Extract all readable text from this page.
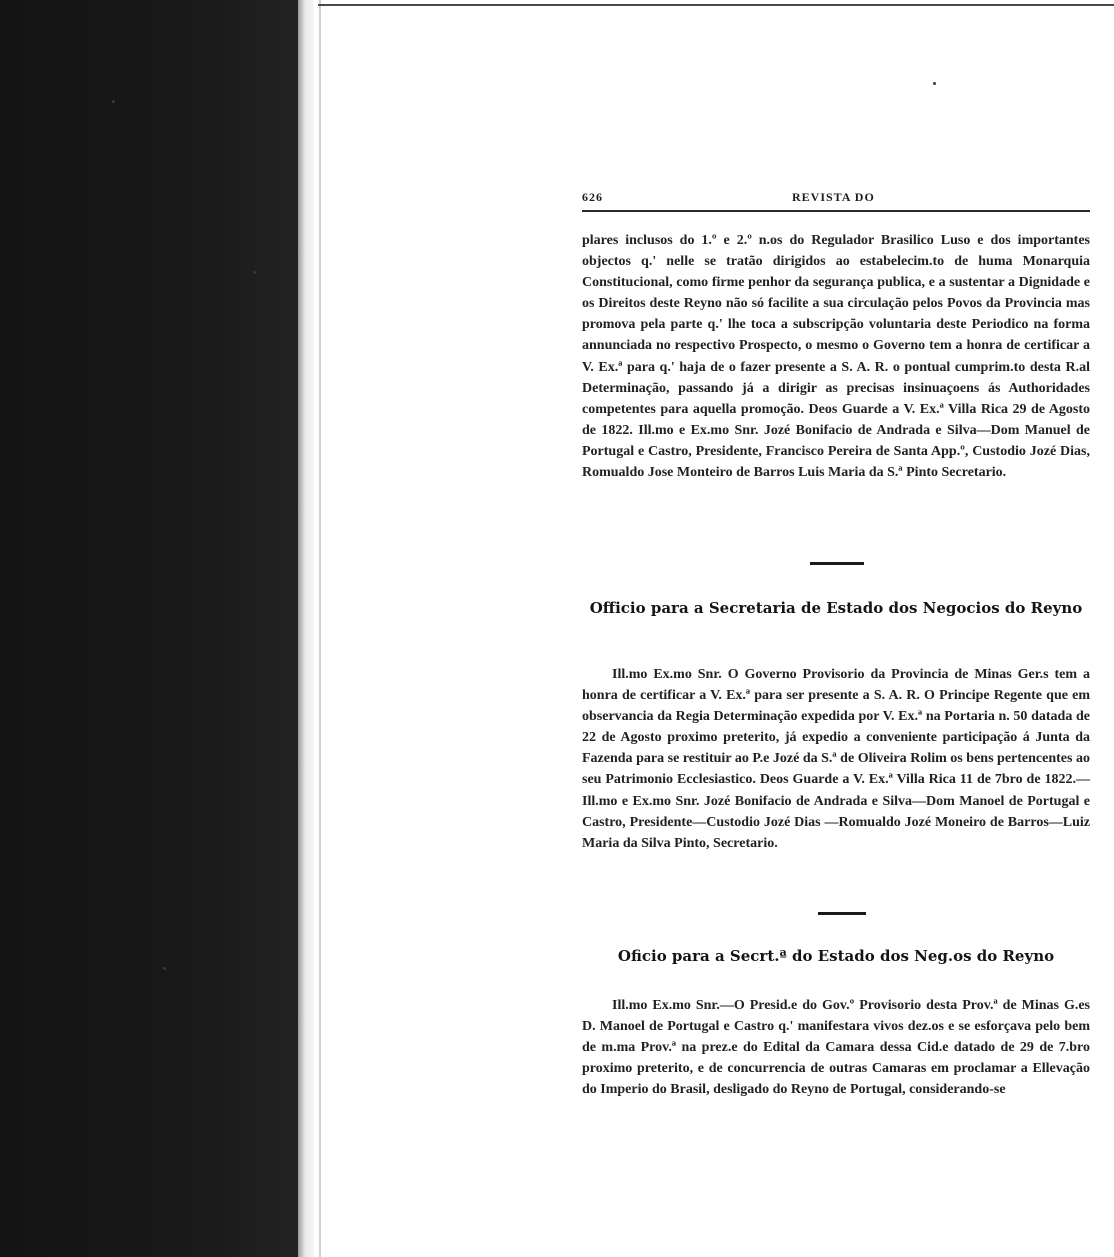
626	REVISTA DO

plares inclusos do 1.º e 2.º n.os do Regulador Brasilico Luso e dos importantes objectos q.' nelle se tratão dirigidos ao estabelecim.to de huma Monarquia Constitucional, como firme penhor da segurança publica, e a sustentar a Dignidade e os Direitos deste Reyno não só facilite a sua circulação pelos Povos da Provincia mas promova pela parte q.' lhe toca a subscripção voluntaria deste Periodico na forma annunciada no respectivo Prospecto, o mesmo o Governo tem a honra de certificar a V. Ex.ª para q.' haja de o fazer presente a S. A. R. o pontual cumprim.to desta R.al Determinação, passando já a dirigir as precisas insinuaçoens ás Authoridades competentes para aquella promoção. Deos Guarde a V. Ex.ª Villa Rica 29 de Agosto de 1822. Ill.mo e Ex.mo Snr. Jozé Bonifacio de Andrada e Silva—Dom Manuel de Portugal e Castro, Presidente, Francisco Pereira de Santa App.º, Custodio Jozé Dias, Romualdo Jose Monteiro de Barros Luis Maria da S.ª Pinto Secretario.

Officio para a Secretaria de Estado dos Negocios do Reyno

Ill.mo Ex.mo Snr. O Governo Provisorio da Provincia de Minas Ger.s tem a honra de certificar a V. Ex.ª para ser presente a S. A. R. O Principe Regente que em observancia da Regia Determinação expedida por V. Ex.ª na Portaria n. 50 datada de 22 de Agosto proximo preterito, já expedio a conveniente participação á Junta da Fazenda para se restituir ao P.e Jozé da S.ª de Oliveira Rolim os bens pertencentes ao seu Patrimonio Ecclesiastico. Deos Guarde a V. Ex.ª Villa Rica 11 de 7bro de 1822.—Ill.mo e Ex.mo Snr. Jozé Bonifacio de Andrada e Silva—Dom Manoel de Portugal e Castro, Presidente—Custodio Jozé Dias —Romualdo Jozé Moneiro de Barros—Luiz Maria da Silva Pinto, Secretario.

Oficio para a Secrt.ª do Estado dos Neg.os do Reyno

Ill.mo Ex.mo Snr.—O Presid.e do Gov.º Provisorio desta Prov.ª de Minas G.es D. Manoel de Portugal e Castro q.' manifestara vivos dez.os e se esforçava pelo bem de m.ma Prov.ª na prez.e do Edital da Camara dessa Cid.e datado de 29 de 7.bro proximo preterito, e de concurrencia de outras Camaras em proclamar a Ellevação do Imperio do Brasil, desligado do Reyno de Portugal, considerando-se
